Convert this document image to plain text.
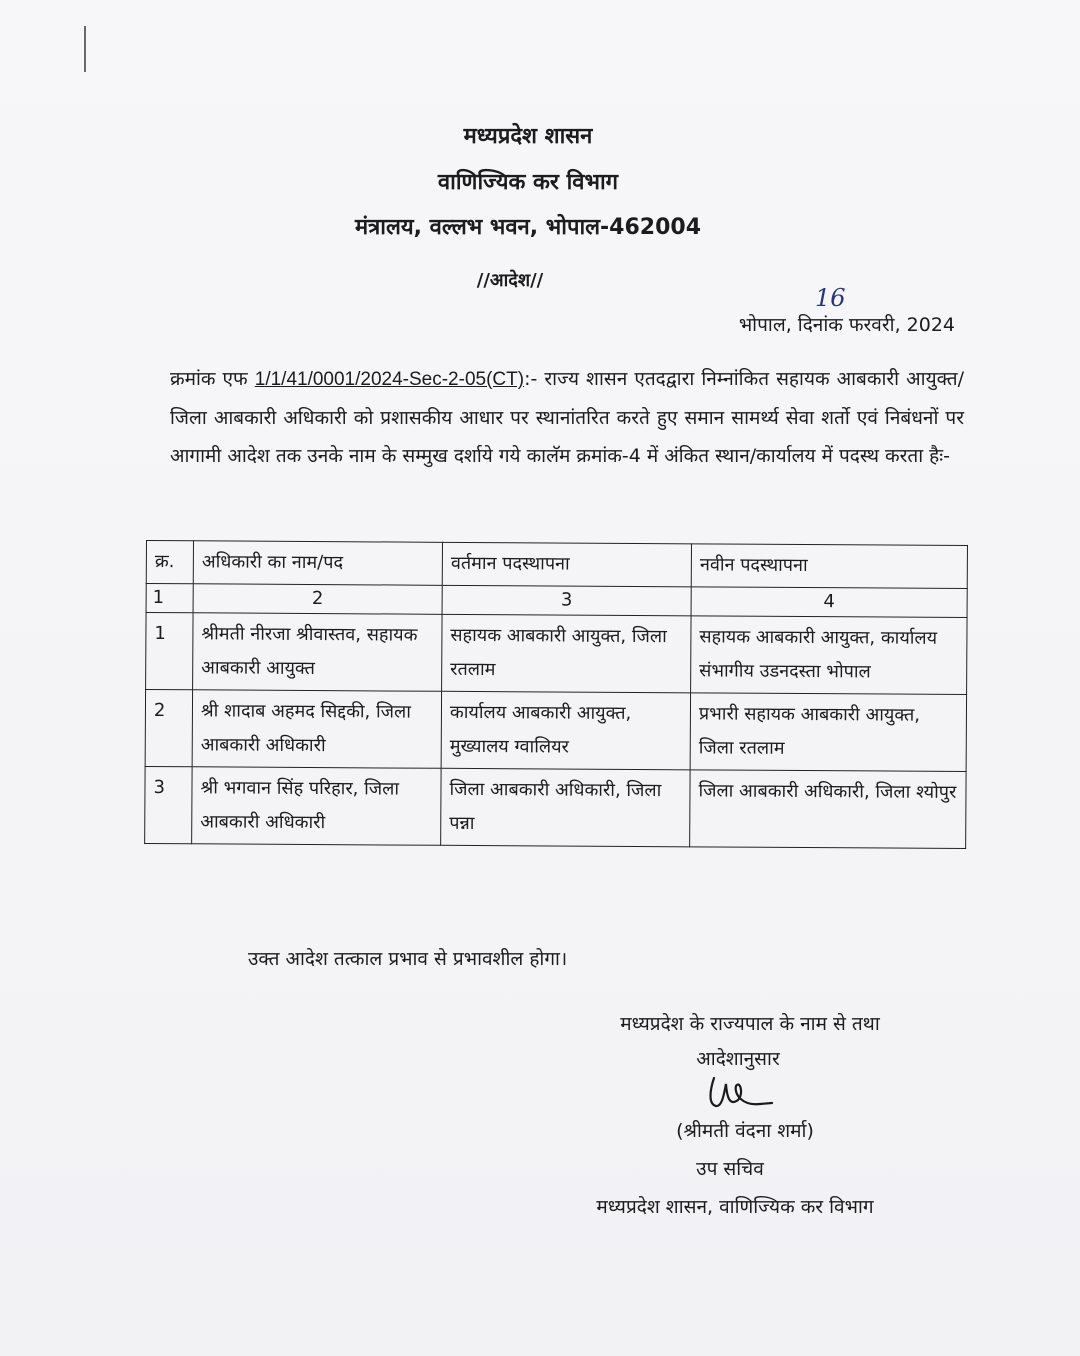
मध्यप्रदेश शासन
वाणिज्यिक कर विभाग
मंत्रालय, वल्लभ भवन, भोपाल-462004
//आदेश//
16
भोपाल, दिनांक फरवरी, 2024
क्रमांक एफ 1/1/41/0001/2024-Sec-2-05(CT):- राज्य शासन एतदद्वारा निम्नांकित सहायक आबकारी आयुक्त/जिला आबकारी अधिकारी को प्रशासकीय आधार पर स्थानांतरित करते हुए समान सामर्थ्य सेवा शर्तो एवं निबंधनों पर आगामी आदेश तक उनके नाम के सम्मुख दर्शाये गये कालॅम क्रमांक-4 में अंकित स्थान/कार्यालय में पदस्थ करता हैः-
क्र.	अधिकारी का नाम/पद	वर्तमान पदस्थापना	नवीन पदस्थापना
1	2	3	4
1	श्रीमती नीरजा श्रीवास्तव, सहायक आबकारी आयुक्त	सहायक आबकारी आयुक्त, जिला रतलाम	सहायक आबकारी आयुक्त, कार्यालय संभागीय उडनदस्ता भोपाल
2	श्री शादाब अहमद सिद्दकी, जिला आबकारी अधिकारी	कार्यालय आबकारी आयुक्त, मुख्यालय ग्वालियर	प्रभारी सहायक आबकारी आयुक्त, जिला रतलाम
3	श्री भगवान सिंह परिहार, जिला आबकारी अधिकारी	जिला आबकारी अधिकारी, जिला पन्ना	जिला आबकारी अधिकारी, जिला श्योपुर
उक्त आदेश तत्काल प्रभाव से प्रभावशील होगा।
मध्यप्रदेश के राज्यपाल के नाम से तथा
आदेशानुसार
(श्रीमती वंदना शर्मा)
उप सचिव
मध्यप्रदेश शासन, वाणिज्यिक कर विभाग
